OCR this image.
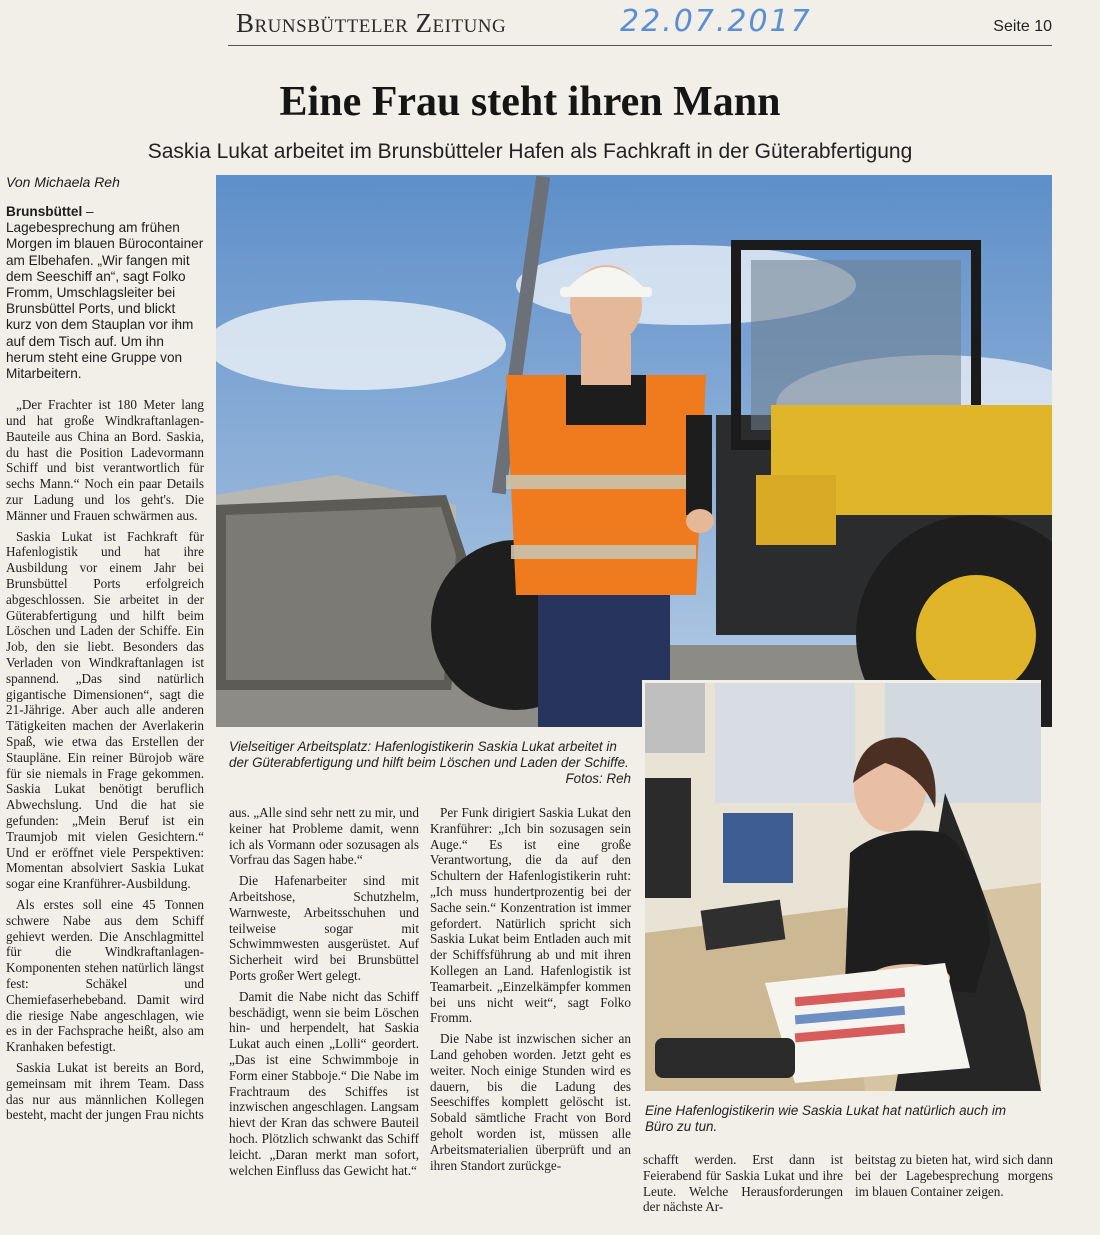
Brunsbütteler Zeitung	22.07.2017	Seite 10
Eine Frau steht ihren Mann
Saskia Lukat arbeitet im Brunsbütteler Hafen als Fachkraft in der Güterabfertigung
Von Michaela Reh

Brunsbüttel – Lagebesprechung am frühen Morgen im blauen Bürocontainer am Elbehafen. „Wir fangen mit dem Seeschiff an“, sagt Folko Fromm, Umschlagsleiter bei Brunsbüttel Ports, und blickt kurz von dem Stauplan vor ihm auf dem Tisch auf. Um ihn herum steht eine Gruppe von Mitarbeitern.

„Der Frachter ist 180 Meter lang und hat große Windkraftanlagen-Bauteile aus China an Bord. Saskia, du hast die Position Ladevormann Schiff und bist verantwortlich für sechs Mann.“ Noch ein paar Details zur Ladung und los geht's. Die Männer und Frauen schwärmen aus.

Saskia Lukat ist Fachkraft für Hafenlogistik und hat ihre Ausbildung vor einem Jahr bei Brunsbüttel Ports erfolgreich abgeschlossen. Sie arbeitet in der Güterabfertigung und hilft beim Löschen und Laden der Schiffe. Ein Job, den sie liebt. Besonders das Verladen von Windkraftanlagen ist spannend. „Das sind natürlich gigantische Dimensionen“, sagt die 21-Jährige. Aber auch alle anderen Tätigkeiten machen der Averlakerin Spaß, wie etwa das Erstellen der Staupläne. Ein reiner Bürojob wäre für sie niemals in Frage gekommen. Saskia Lukat benötigt beruflich Abwechslung. Und die hat sie gefunden: „Mein Beruf ist ein Traumjob mit vielen Gesichtern.“ Und er eröffnet viele Perspektiven: Momentan absolviert Saskia Lukat sogar eine Kranführer-Ausbildung.

Als erstes soll eine 45 Tonnen schwere Nabe aus dem Schiff gehievt werden. Die Anschlagmittel für die Windkraftanlagen-Komponenten stehen natürlich längst fest: Schäkel und Chemiefaserhebeband. Damit wird die riesige Nabe angeschlagen, wie es in der Fachsprache heißt, also am Kranhaken befestigt.

Saskia Lukat ist bereits an Bord, gemeinsam mit ihrem Team. Dass das nur aus männlichen Kollegen besteht, macht der jungen Frau nichts

Vielseitiger Arbeitsplatz: Hafenlogistikerin Saskia Lukat arbeitet in der Güterabfertigung und hilft beim Löschen und Laden der Schiffe.
Fotos: Reh

aus. „Alle sind sehr nett zu mir, und keiner hat Probleme damit, wenn ich als Vormann oder sozusagen als Vorfrau das Sagen habe.“

Die Hafenarbeiter sind mit Arbeitshose, Schutzhelm, Warnweste, Arbeitsschuhen und teilweise sogar mit Schwimmwesten ausgerüstet. Auf Sicherheit wird bei Brunsbüttel Ports großer Wert gelegt.

Damit die Nabe nicht das Schiff beschädigt, wenn sie beim Löschen hin- und herpendelt, hat Saskia Lukat auch einen „Lolli“ geordert. „Das ist eine Schwimmboje in Form einer Stabboje.“ Die Nabe im Frachtraum des Schiffes ist inzwischen angeschlagen. Langsam hievt der Kran das schwere Bauteil hoch. Plötzlich schwankt das Schiff leicht. „Daran merkt man sofort, welchen Einfluss das Gewicht hat.“

Per Funk dirigiert Saskia Lukat den Kranführer: „Ich bin sozusagen sein Auge.“ Es ist eine große Verantwortung, die da auf den Schultern der Hafenlogistikerin ruht: „Ich muss hundertprozentig bei der Sache sein.“ Konzentration ist immer gefordert. Natürlich spricht sich Saskia Lukat beim Entladen auch mit der Schiffsführung ab und mit ihren Kollegen an Land. Hafenlogistik ist Teamarbeit. „Einzelkämpfer kommen bei uns nicht weit“, sagt Folko Fromm.

Die Nabe ist inzwischen sicher an Land gehoben worden. Jetzt geht es weiter. Noch einige Stunden wird es dauern, bis die Ladung des Seeschiffes komplett gelöscht ist. Sobald sämtliche Fracht von Bord geholt worden ist, müssen alle Arbeitsmaterialien überprüft und an ihren Standort zurückge-

Eine Hafenlogistikerin wie Saskia Lukat hat natürlich auch im Büro zu tun.

schafft werden. Erst dann ist Feierabend für Saskia Lukat und ihre Leute. Welche Herausforderungen der nächste Ar-

beitstag zu bieten hat, wird sich dann bei der Lagebesprechung morgens im blauen Container zeigen.
